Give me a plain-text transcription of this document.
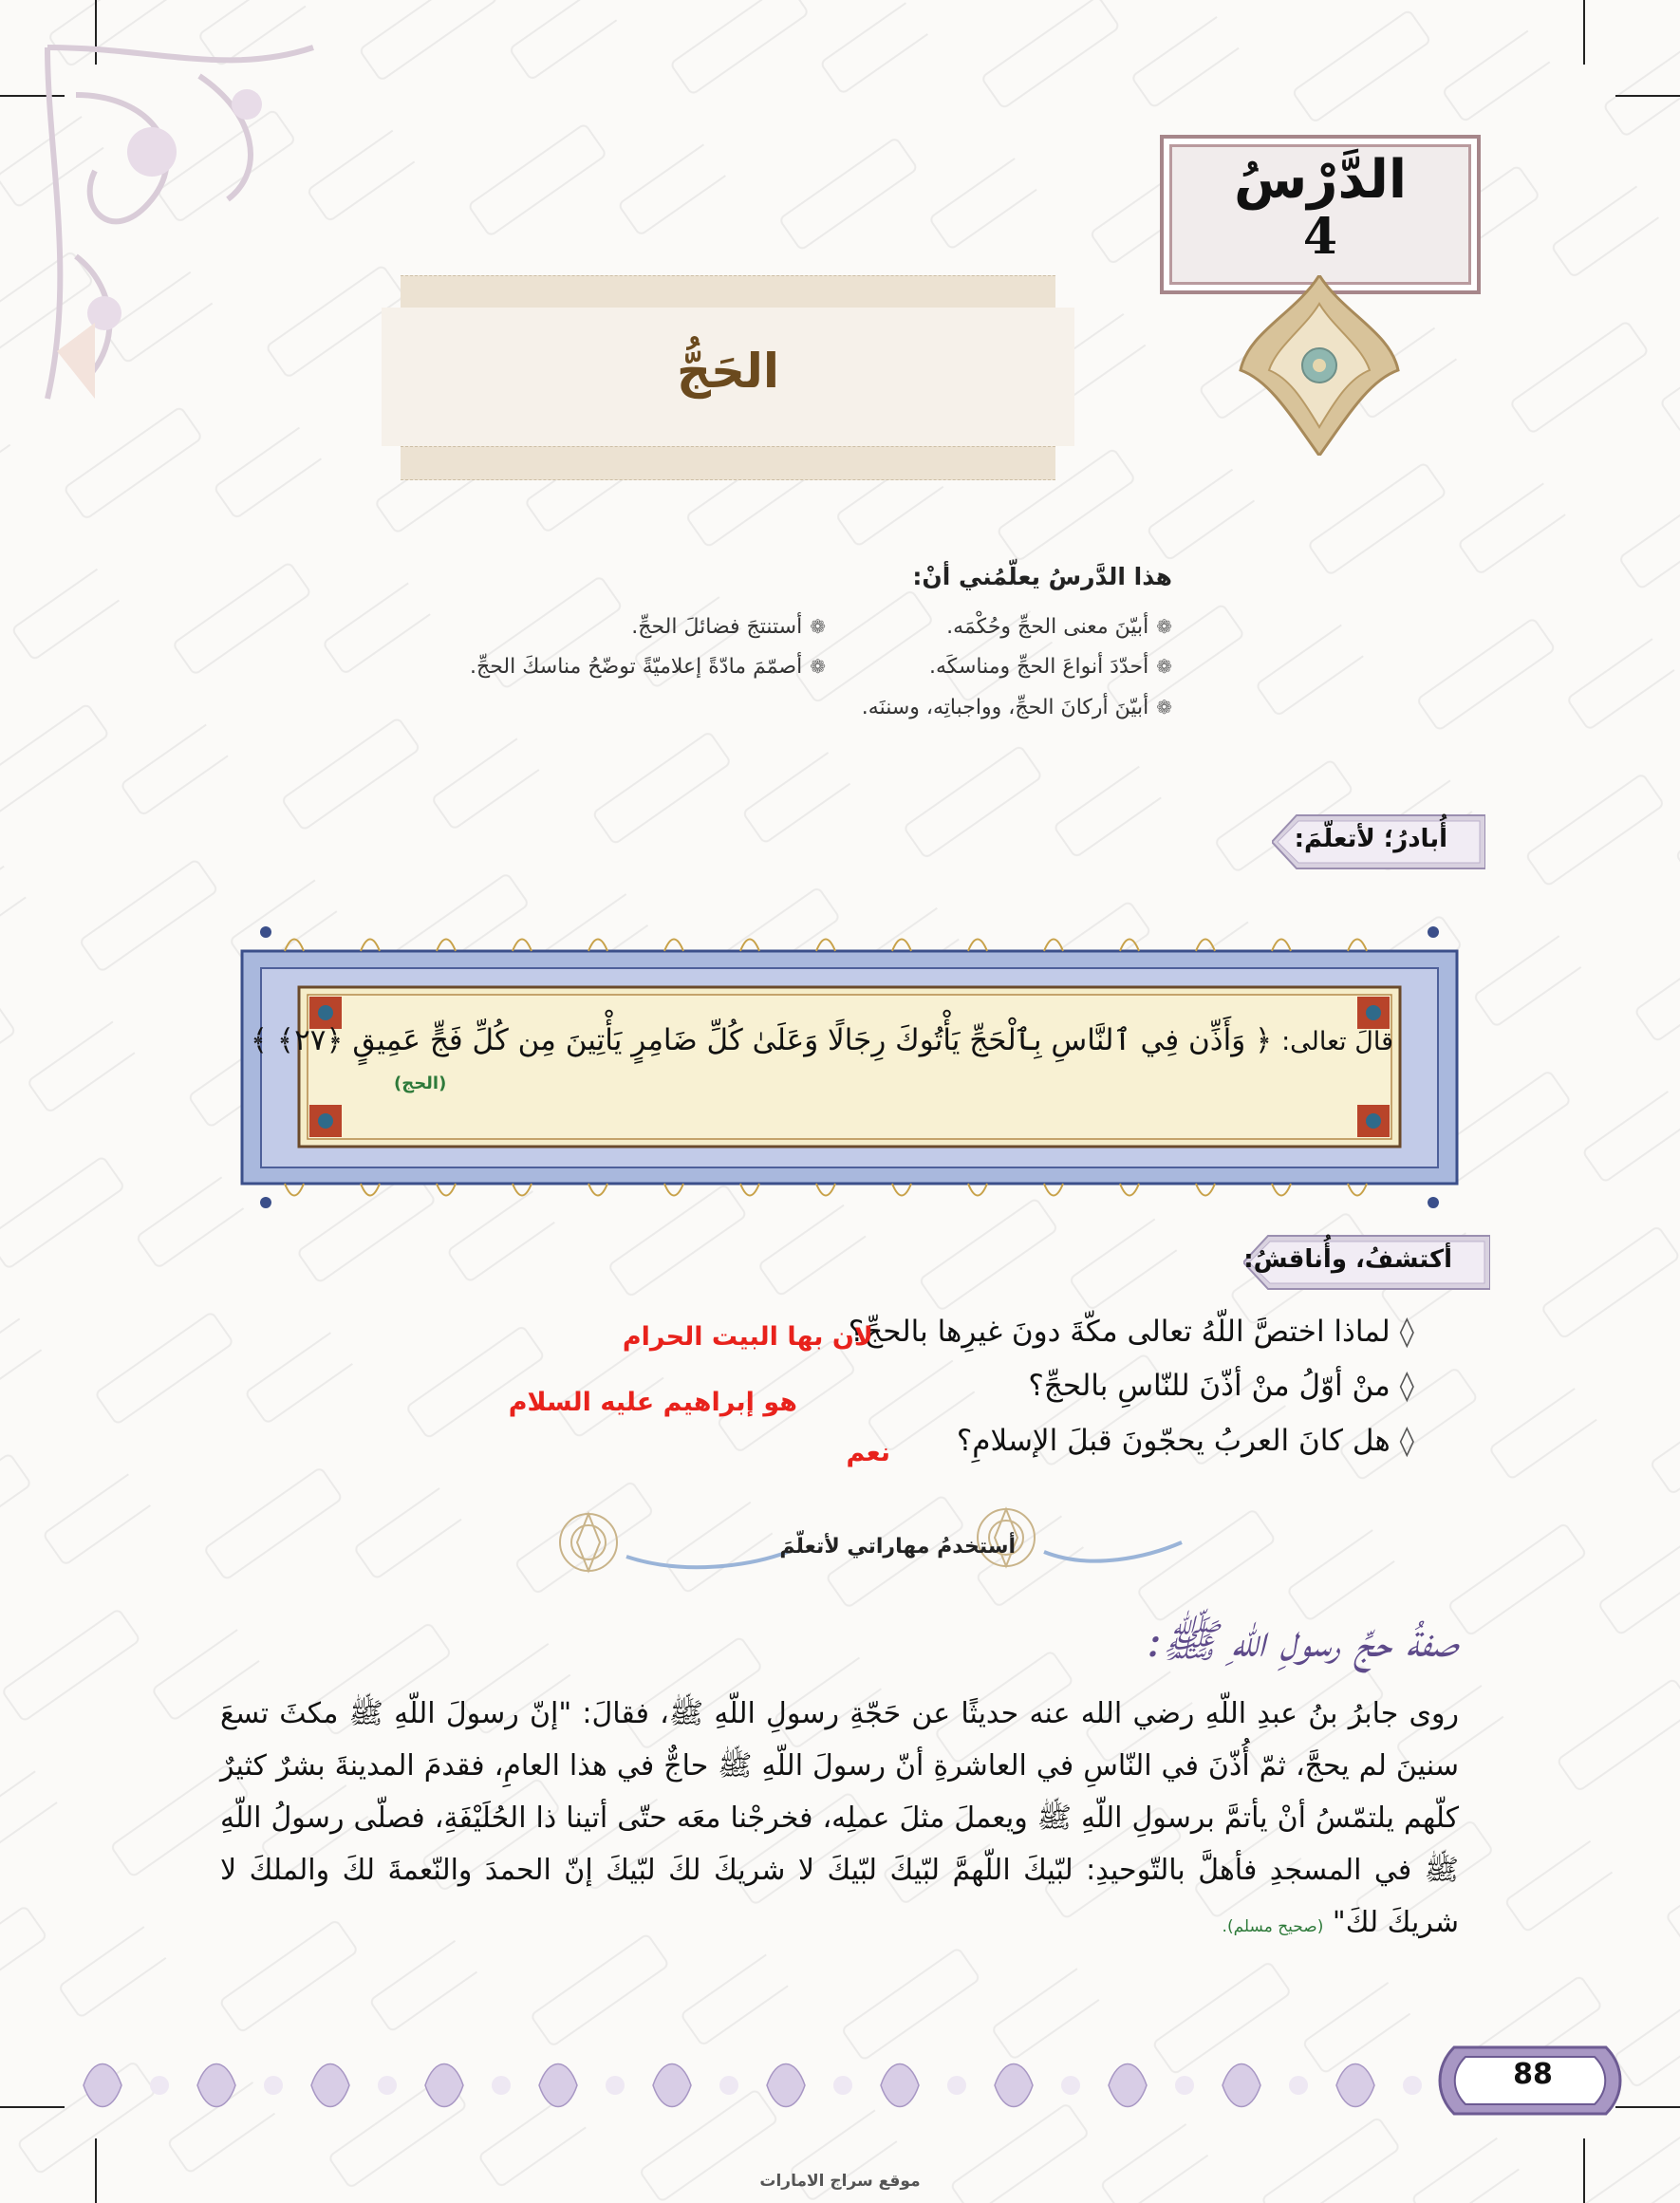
الدَّرْسُ
4
الحَجُّ
هذا الدَّرسُ يعلّمُني أنْ:
❁أبيّنَ معنى الحجِّ وحُكْمَه.
❁أحدّدَ أنواعَ الحجِّ ومناسكَه.
❁أبيّنَ أركانَ الحجِّ، وواجباتِه، وسننَه.
❁أستنتجَ فضائلَ الحجِّ.
❁أصمّمَ مادّةً إعلاميّةً توضّحُ مناسكَ الحجِّ.
أُبادرُ؛ لأتعلّمَ:
قالَ تعالى: ﴿ وَأَذِّن فِي ٱلنَّاسِ بِٱلْحَجِّ يَأْتُوكَ رِجَالًا وَعَلَىٰ كُلِّ ضَامِرٍ يَأْتِينَ مِن كُلِّ فَجٍّ عَمِيقٍ ﴿٢٧﴾ ﴾
(الحج)
أكتشفُ، وأُناقشُ:
◊لماذا اختصَّ اللّهُ تعالى مكّةَ دونَ غيرِها بالحجِّ؟
◊منْ أوّلُ منْ أذّنَ للنّاسِ بالحجِّ؟
◊هل كانَ العربُ يحجّونَ قبلَ الإسلامِ؟
لان بها البيت الحرام
هو إبراهيم عليه السلام
نعم
أستخدمُ مهاراتي لأتعلّمَ
صفةُ حجِّ رسولِ اللّهِ ﷺ:
روى جابرُ بنُ عبدِ اللّهِ رضي الله عنه حديثًا عن حَجّةِ رسولِ اللّهِ ﷺ، فقالَ: "إنّ رسولَ اللّهِ ﷺ مكثَ تسعَ سنينَ لم يحجَّ، ثمّ أُذّنَ في النّاسِ في العاشرةِ أنّ رسولَ اللّهِ ﷺ حاجٌّ في هذا العامِ، فقدمَ المدينةَ بشرٌ كثيرٌ كلّهم يلتمّسُ أنْ يأتمَّ برسولِ اللّهِ ﷺ ويعملَ مثلَ عملِه، فخرجْنا معَه حتّى أتينا ذا الحُلَيْفَةِ، فصلّى رسولُ اللّهِ ﷺ في المسجدِ فأهلَّ بالتّوحيدِ: لبّيكَ اللّهمَّ لبّيكَ لبّيكَ لا شريكَ لكَ لبّيكَ إنّ الحمدَ والنّعمةَ لكَ والملكَ لا شريكَ لكَ" (صحيح مسلم).
88
موقع سراج الامارات
